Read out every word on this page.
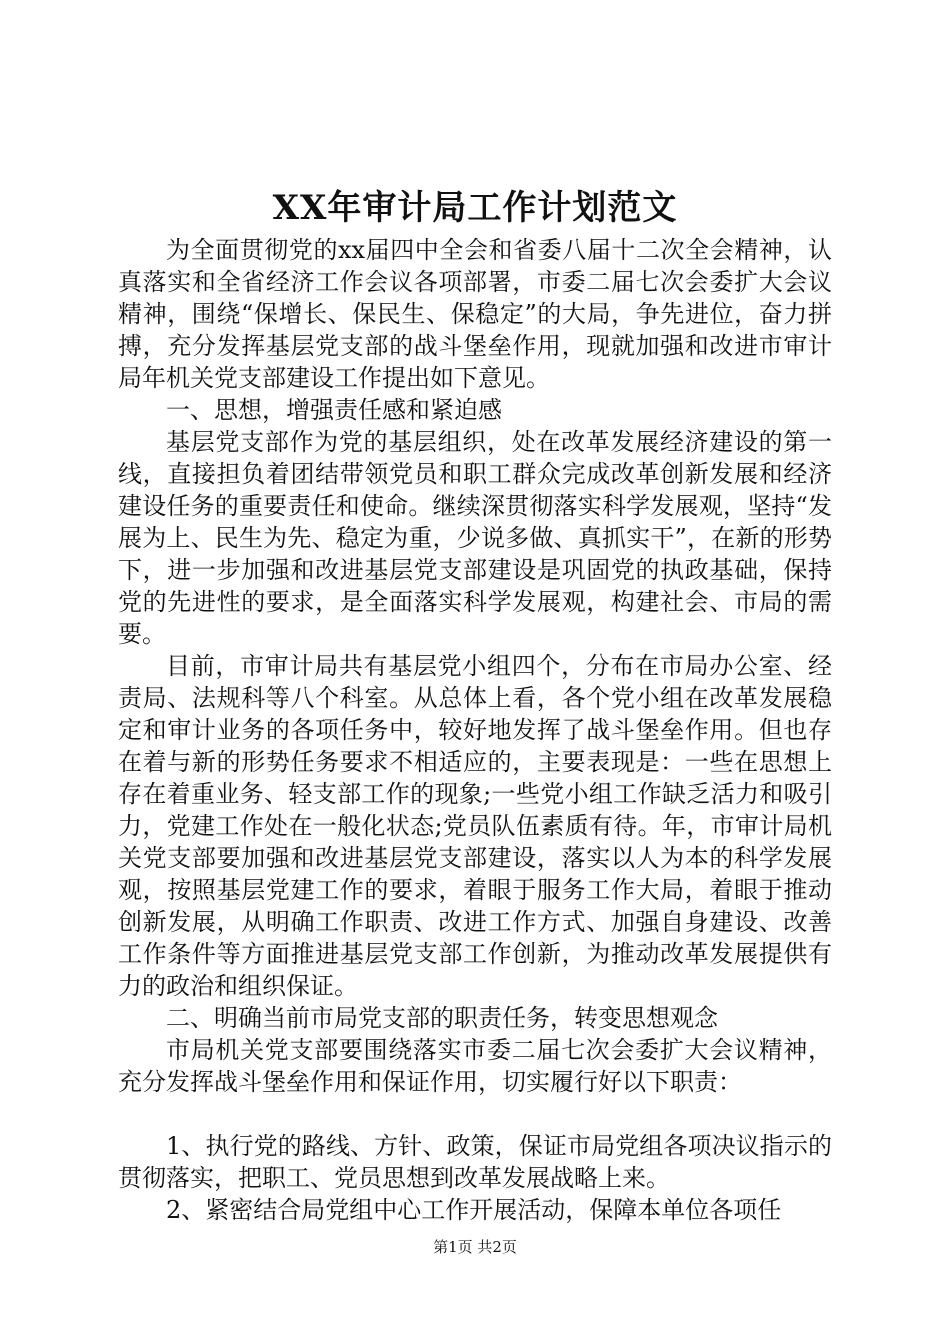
XX年审计局工作计划范文

为全面贯彻党的xx届四中全会和省委八届十二次全会精神，认真落实和全省经济工作会议各项部署，市委二届七次会委扩大会议精神，围绕“保增长、保民生、保稳定”的大局，争先进位，奋力拼搏，充分发挥基层党支部的战斗堡垒作用，现就加强和改进市审计局年机关党支部建设工作提出如下意见。

一、思想，增强责任感和紧迫感

基层党支部作为党的基层组织，处在改革发展经济建设的第一线，直接担负着团结带领党员和职工群众完成改革创新发展和经济建设任务的重要责任和使命。继续深贯彻落实科学发展观，坚持“发展为上、民生为先、稳定为重，少说多做、真抓实干”，在新的形势下，进一步加强和改进基层党支部建设是巩固党的执政基础，保持党的先进性的要求，是全面落实科学发展观，构建社会、市局的需要。

目前，市审计局共有基层党小组四个，分布在市局办公室、经责局、法规科等八个科室。从总体上看，各个党小组在改革发展稳定和审计业务的各项任务中，较好地发挥了战斗堡垒作用。但也存在着与新的形势任务要求不相适应的，主要表现是：一些在思想上存在着重业务、轻支部工作的现象;一些党小组工作缺乏活力和吸引力，党建工作处在一般化状态;党员队伍素质有待。年，市审计局机关党支部要加强和改进基层党支部建设，落实以人为本的科学发展观，按照基层党建工作的要求，着眼于服务工作大局，着眼于推动创新发展，从明确工作职责、改进工作方式、加强自身建设、改善工作条件等方面推进基层党支部工作创新，为推动改革发展提供有力的政治和组织保证。

二、明确当前市局党支部的职责任务，转变思想观念

市局机关党支部要围绕落实市委二届七次会委扩大会议精神，充分发挥战斗堡垒作用和保证作用，切实履行好以下职责：

1、执行党的路线、方针、政策，保证市局党组各项决议指示的贯彻落实，把职工、党员思想到改革发展战略上来。

2、紧密结合局党组中心工作开展活动，保障本单位各项任

第1页 共2页
